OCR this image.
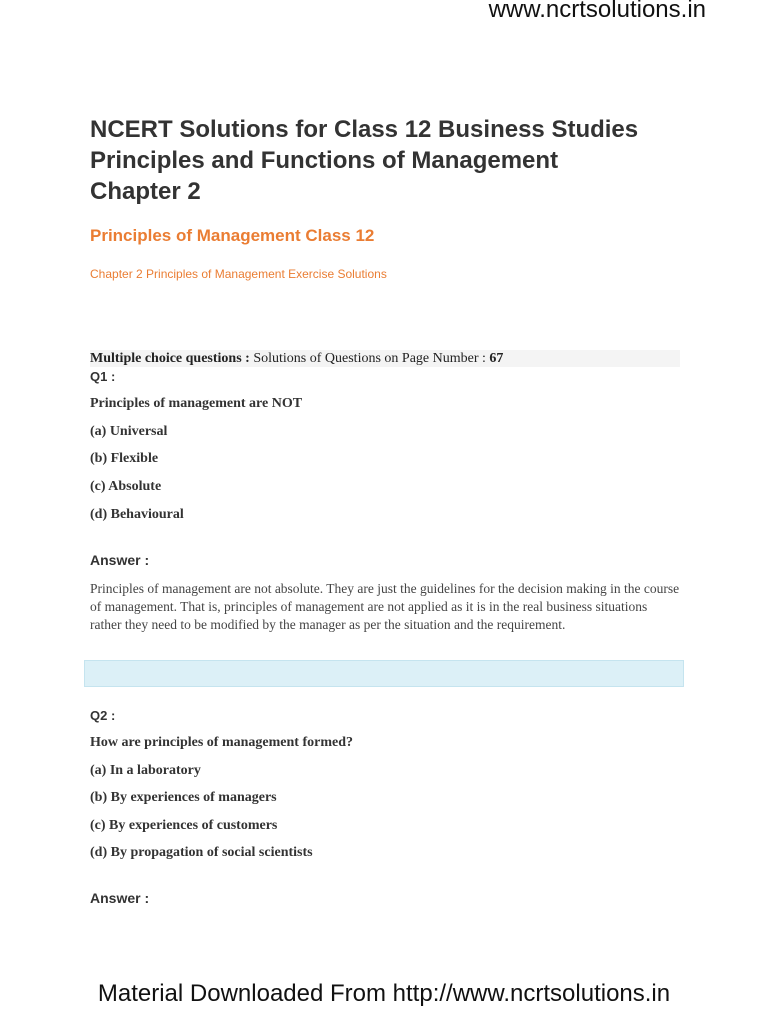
www.ncrtsolutions.in
NCERT Solutions for Class 12 Business Studies Principles and Functions of Management Chapter 2
Principles of Management Class 12
Chapter 2 Principles of Management Exercise Solutions
Multiple choice questions : Solutions of Questions on Page Number : 67
Q1 :
Principles of management are NOT
(a) Universal
(b) Flexible
(c) Absolute
(d) Behavioural
Answer :
Principles of management are not absolute. They are just the guidelines for the decision making in the course of management. That is, principles of management are not applied as it is in the real business situations rather they need to be modified by the manager as per the situation and the requirement.
Q2 :
How are principles of management formed?
(a) In a laboratory
(b) By experiences of managers
(c) By experiences of customers
(d) By propagation of social scientists
Answer :
Material Downloaded From http://www.ncrtsolutions.in
